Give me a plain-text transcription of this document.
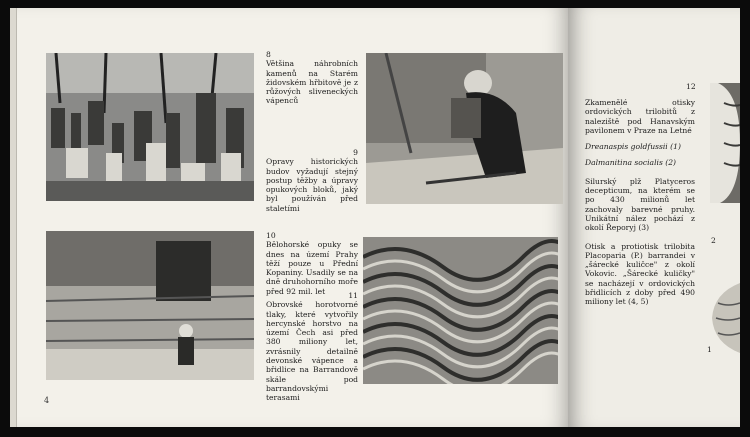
8
Většina náhrobních kamenů na Starém židovském hřbitově je z růžových sliveneckých vápenců
9
Opravy historických budov vyžadují stejný postup těžby a úpravy opukových bloků, jaký byl používán před staletími
10
Bělohorské opuky se dnes na území Prahy těží pouze u Přední Kopaniny. Usadily se na dně druhohorního moře před 92 mil. let	11
Obrovské horotvorné tlaky, které vytvořily hercynské horstvo na území Čech asi před 380 miliony let, zvrásnily detailně devonské vápence a břidlice na Barrandově skále pod barrandovskými terasami
4
12
Zkamenělé otisky ordovických trilobitů z naleziště pod Hanavským pavilonem v Praze na Letné
Dreanaspis goldfussii (1)
Dalmanitina socialis (2)
Silurský plž Platyceros decepticum, na kterém se po 430 milionů let zachovaly barevné pruhy. Unikátní nález pochází z okolí Řeporyj (3)
Otisk a protiotisk trilobita Placoparia (P.) barrandei v „šárecké kuličce" z okolí Vokovic. „Šárecké kuličky" se nacházejí v ordovických břidlicích z doby před 490 miliony let (4, 5)
2
1
